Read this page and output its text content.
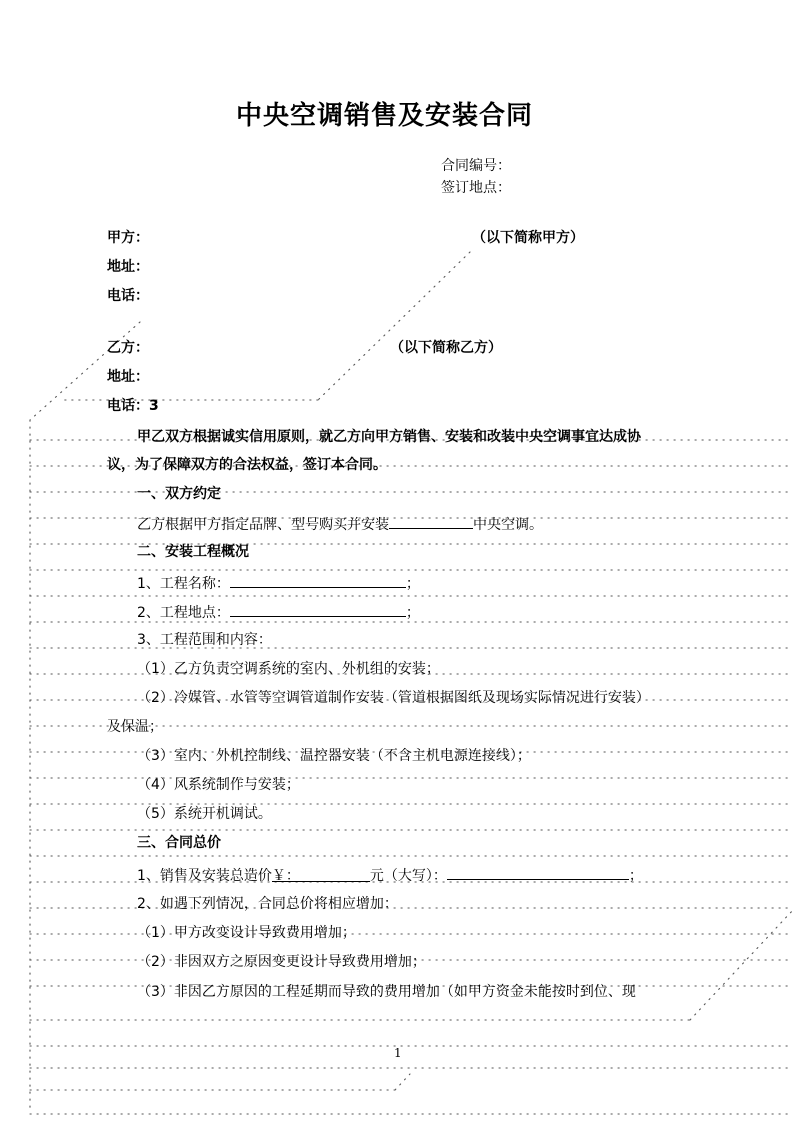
中央空调销售及安装合同
合同编号：
签订地点：
甲方：	（以下简称甲方）
地址：
电话：
乙方：	（以下简称乙方）
地址：
电话：3
甲乙双方根据诚实信用原则，就乙方向甲方销售、安装和改装中央空调事宜达成协
议，为了保障双方的合法权益，签订本合同。
一、双方约定
乙方根据甲方指定品牌、型号购买并安装	中央空调。
二、安装工程概况
1、工程名称：	；
2、工程地点：	；
3、工程范围和内容：
（1）乙方负责空调系统的室内、外机组的安装；
（2）冷媒管、水管等空调管道制作安装（管道根据图纸及现场实际情况进行安装）
及保温；
（3）室内、外机控制线、温控器安装（不含主机电源连接线）；
（4）风系统制作与安装；
（5）系统开机调试。
三、合同总价
1、销售及安装总造价￥：	元（大写）：	；
2、如遇下列情况，合同总价将相应增加：
（1）甲方改变设计导致费用增加；
（2）非因双方之原因变更设计导致费用增加；
（3）非因乙方原因的工程延期而导致的费用增加（如甲方资金未能按时到位、现
1
